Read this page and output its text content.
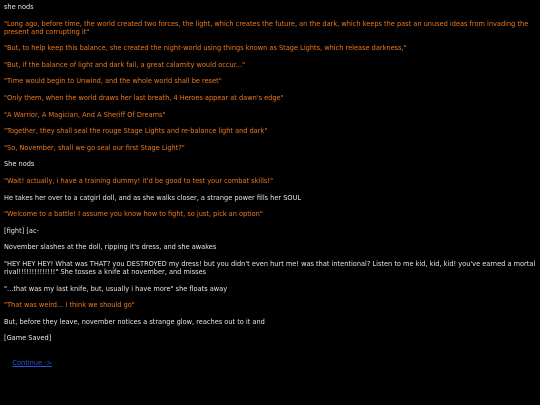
she nods
"Long ago, before time, the world created two forces, the light, which creates the future, an the dark, which keeps the past an unused ideas from invading the present and corrupting it"
"But, to help keep this balance, she created the night-world using things known as Stage Lights, which release darkness,"
"But, if the balance of light and dark fail, a great calamity would occur..."
"Time would begin to Unwind, and the whole world shall be reset"
"Only them, when the world draws her last breath, 4 Heroes appear at dawn's edge"
"A Warrior, A Magician, And A Sheriff Of Dreams"
"Together, they shall seal the rouge Stage Lights and re-balance light and dark"
"So, November, shall we go seal our first Stage Light?"
She nods
"Wait! actually, i have a training dummy! it'd be good to test your combat skills!"
He takes her over to a catgirl doll, and as she walks closer, a strange power fills her SOUL
"Welcome to a battle! I assume you know how to fight, so just, pick an option"
[fight] [ac-
November slashes at the doll, ripping it's dress, and she awakes
"HEY HEY HEY! What was THAT? you DESTROYED my dress! but you didn't even hurt me! was that intentional? Listen to me kid, kid, kid! you've earned a mortal rival!!!!!!!!!!!!!!" She tosses a knife at november, and misses
"...that was my last knife, but, usually i have more" she floats away
"That was weird... I think we should go"
But, before they leave, november notices a strange glow, reaches out to it and
[Game Saved]

Continue ->
